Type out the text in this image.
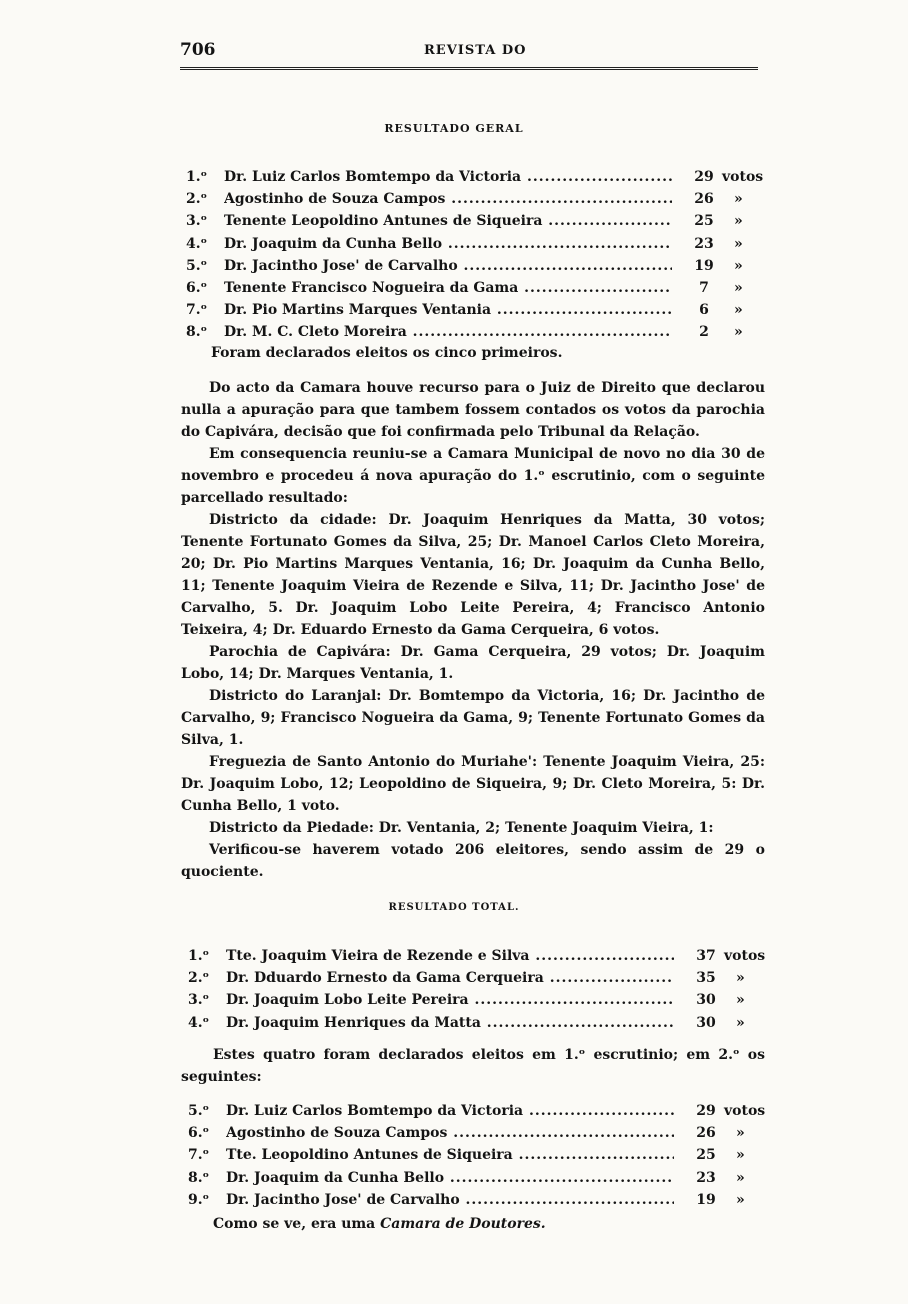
706	REVISTA DO
RESULTADO GERAL
1.ᵒ	Dr. Luiz Carlos Bomtempo da Victoria .....	29 votos
2.ᵒ	Agostinho de Souza Campos .....	26 »
3.ᵒ	Tenente Leopoldino Antunes de Siqueira .....	25 »
4.ᵒ	Dr. Joaquim da Cunha Bello .....	23 »
5.ᵒ	Dr. Jacintho Jose' de Carvalho .....	19 »
6.ᵒ	Tenente Francisco Nogueira da Gama .....	7	»
7.ᵒ	Dr. Pio Martins Marques Ventania .....	6	»
8.ᵒ	Dr. M. C. Cleto Moreira .....	2	»
Foram declarados eleitos os cinco primeiros.

Do acto da Camara houve recurso para o Juiz de Direito que declarou nulla a apuração para que tambem fossem contados os votos da parochia do Capivára, decisão que foi confirmada pelo Tribunal da Relação.

Em consequencia reuniu-se a Camara Municipal de novo no dia 30 de novembro e procedeu á nova apuração do 1.ᵒ escrutinio, com o seguinte parcellado resultado:

Districto da cidade: Dr. Joaquim Henriques da Matta, 30 votos; Tenente Fortunato Gomes da Silva, 25; Dr. Manoel Carlos Cleto Moreira, 20; Dr. Pio Martins Marques Ventania, 16; Dr. Joaquim da Cunha Bello, 11; Tenente Joaquim Vieira de Rezende e Silva, 11; Dr. Jacintho Jose' de Carvalho, 5. Dr. Joaquim Lobo Leite Pereira, 4; Francisco Antonio Teixeira, 4; Dr. Eduardo Ernesto da Gama Cerqueira, 6 votos.

Parochia de Capivára: Dr. Gama Cerqueira, 29 votos; Dr. Joaquim Lobo, 14; Dr. Marques Ventania, 1.

Districto do Laranjal: Dr. Bomtempo da Victoria, 16; Dr. Jacintho de Carvalho, 9; Francisco Nogueira da Gama, 9; Tenente Fortunato Gomes da Silva, 1.

Freguezia de Santo Antonio do Muriahe': Tenente Joaquim Vieira, 25: Dr. Joaquim Lobo, 12; Leopoldino de Siqueira, 9; Dr. Cleto Moreira, 5: Dr. Cunha Bello, 1 voto.

Districto da Piedade: Dr. Ventania, 2; Tenente Joaquim Vieira, 1:

Verificou-se haverem votado 206 eleitores, sendo assim de 29 o quociente.

RESULTADO TOTAL.
1.ᵒ	Tte. Joaquim Vieira de Rezende e Silva .....	37 votos
2.ᵒ	Dr. Dduardo Ernesto da Gama Cerqueira .....	35 »
3.ᵒ	Dr. Joaquim Lobo Leite Pereira .....	30 »
4.ᵒ	Dr. Joaquim Henriques da Matta .....	30 »

Estes quatro foram declarados eleitos em 1.ᵒ escrutinio; em 2.ᵒ os seguintes:

5.ᵒ	Dr. Luiz Carlos Bomtempo da Victoria .....	29 votos
6.ᵒ	Agostinho de Souza Campos .....	26 »
7.ᵒ	Tte. Leopoldino Antunes de Siqueira .....	25 »
8.ᵒ	Dr. Joaquim da Cunha Bello .....	23 »
9.ᵒ	Dr. Jacintho Jose' de Carvalho .....	19 »
Como se ve, era uma Camara de Doutores.
